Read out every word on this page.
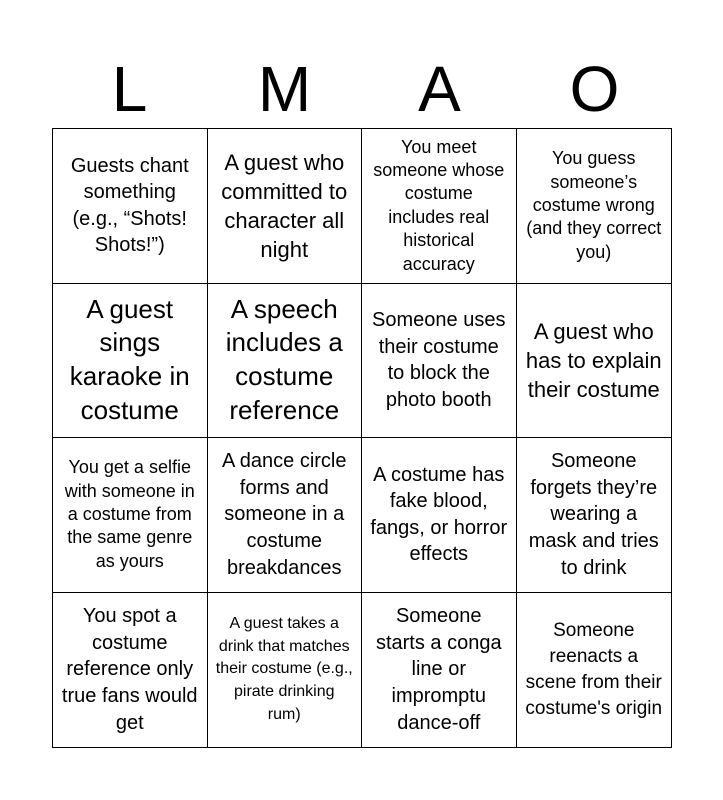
L	M	A	O
Guests chant something (e.g., “Shots! Shots!”)
A guest who committed to character all night
You meet someone whose costume includes real historical accuracy
You guess someone’s costume wrong (and they correct you)
A guest sings karaoke in costume
A speech includes a costume reference
Someone uses their costume to block the photo booth
A guest who has to explain their costume
You get a selfie with someone in a costume from the same genre as yours
A dance circle forms and someone in a costume breakdances
A costume has fake blood, fangs, or horror effects
Someone forgets they’re wearing a mask and tries to drink
You spot a costume reference only true fans would get
A guest takes a drink that matches their costume (e.g., pirate drinking rum)
Someone starts a conga line or impromptu dance-off
Someone reenacts a scene from their costume's origin
